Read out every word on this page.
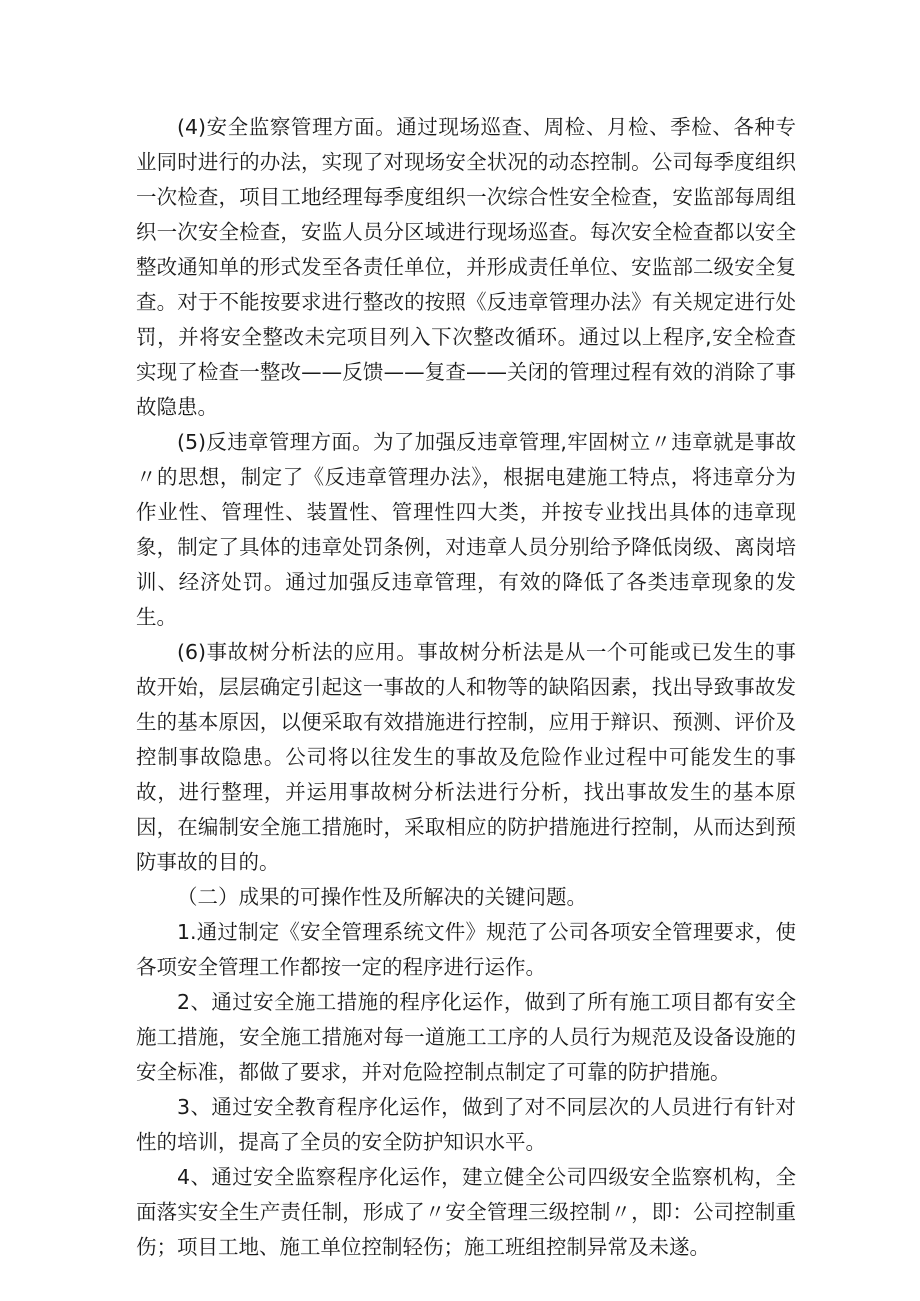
(4)安全监察管理方面。通过现场巡查、周检、月检、季检、各种专业同时进行的办法，实现了对现场安全状况的动态控制。公司每季度组织一次检查，项目工地经理每季度组织一次综合性安全检查，安监部每周组织一次安全检查，安监人员分区域进行现场巡查。每次安全检查都以安全整改通知单的形式发至各责任单位，并形成责任单位、安监部二级安全复查。对于不能按要求进行整改的按照《反违章管理办法》有关规定进行处罚，并将安全整改未完项目列入下次整改循环。通过以上程序,安全检查实现了检查一整改——反馈——复查——关闭的管理过程有效的消除了事故隐患。

(5)反违章管理方面。为了加强反违章管理,牢固树立〃违章就是事故〃的思想，制定了《反违章管理办法》，根据电建施工特点，将违章分为作业性、管理性、装置性、管理性四大类，并按专业找出具体的违章现象，制定了具体的违章处罚条例，对违章人员分别给予降低岗级、离岗培训、经济处罚。通过加强反违章管理，有效的降低了各类违章现象的发生。

(6)事故树分析法的应用。事故树分析法是从一个可能或已发生的事故开始，层层确定引起这一事故的人和物等的缺陷因素，找出导致事故发生的基本原因，以便采取有效措施进行控制，应用于辩识、预测、评价及控制事故隐患。公司将以往发生的事故及危险作业过程中可能发生的事故，进行整理，并运用事故树分析法进行分析，找出事故发生的基本原因，在编制安全施工措施时，采取相应的防护措施进行控制，从而达到预防事故的目的。

（二）成果的可操作性及所解决的关键问题。

1.通过制定《安全管理系统文件》规范了公司各项安全管理要求，使各项安全管理工作都按一定的程序进行运作。

2、通过安全施工措施的程序化运作，做到了所有施工项目都有安全施工措施，安全施工措施对每一道施工工序的人员行为规范及设备设施的安全标准，都做了要求，并对危险控制点制定了可靠的防护措施。

3、通过安全教育程序化运作，做到了对不同层次的人员进行有针对性的培训，提高了全员的安全防护知识水平。

4、通过安全监察程序化运作，建立健全公司四级安全监察机构，全面落实安全生产责任制，形成了〃安全管理三级控制〃，即：公司控制重伤；项目工地、施工单位控制轻伤；施工班组控制异常及未遂。
